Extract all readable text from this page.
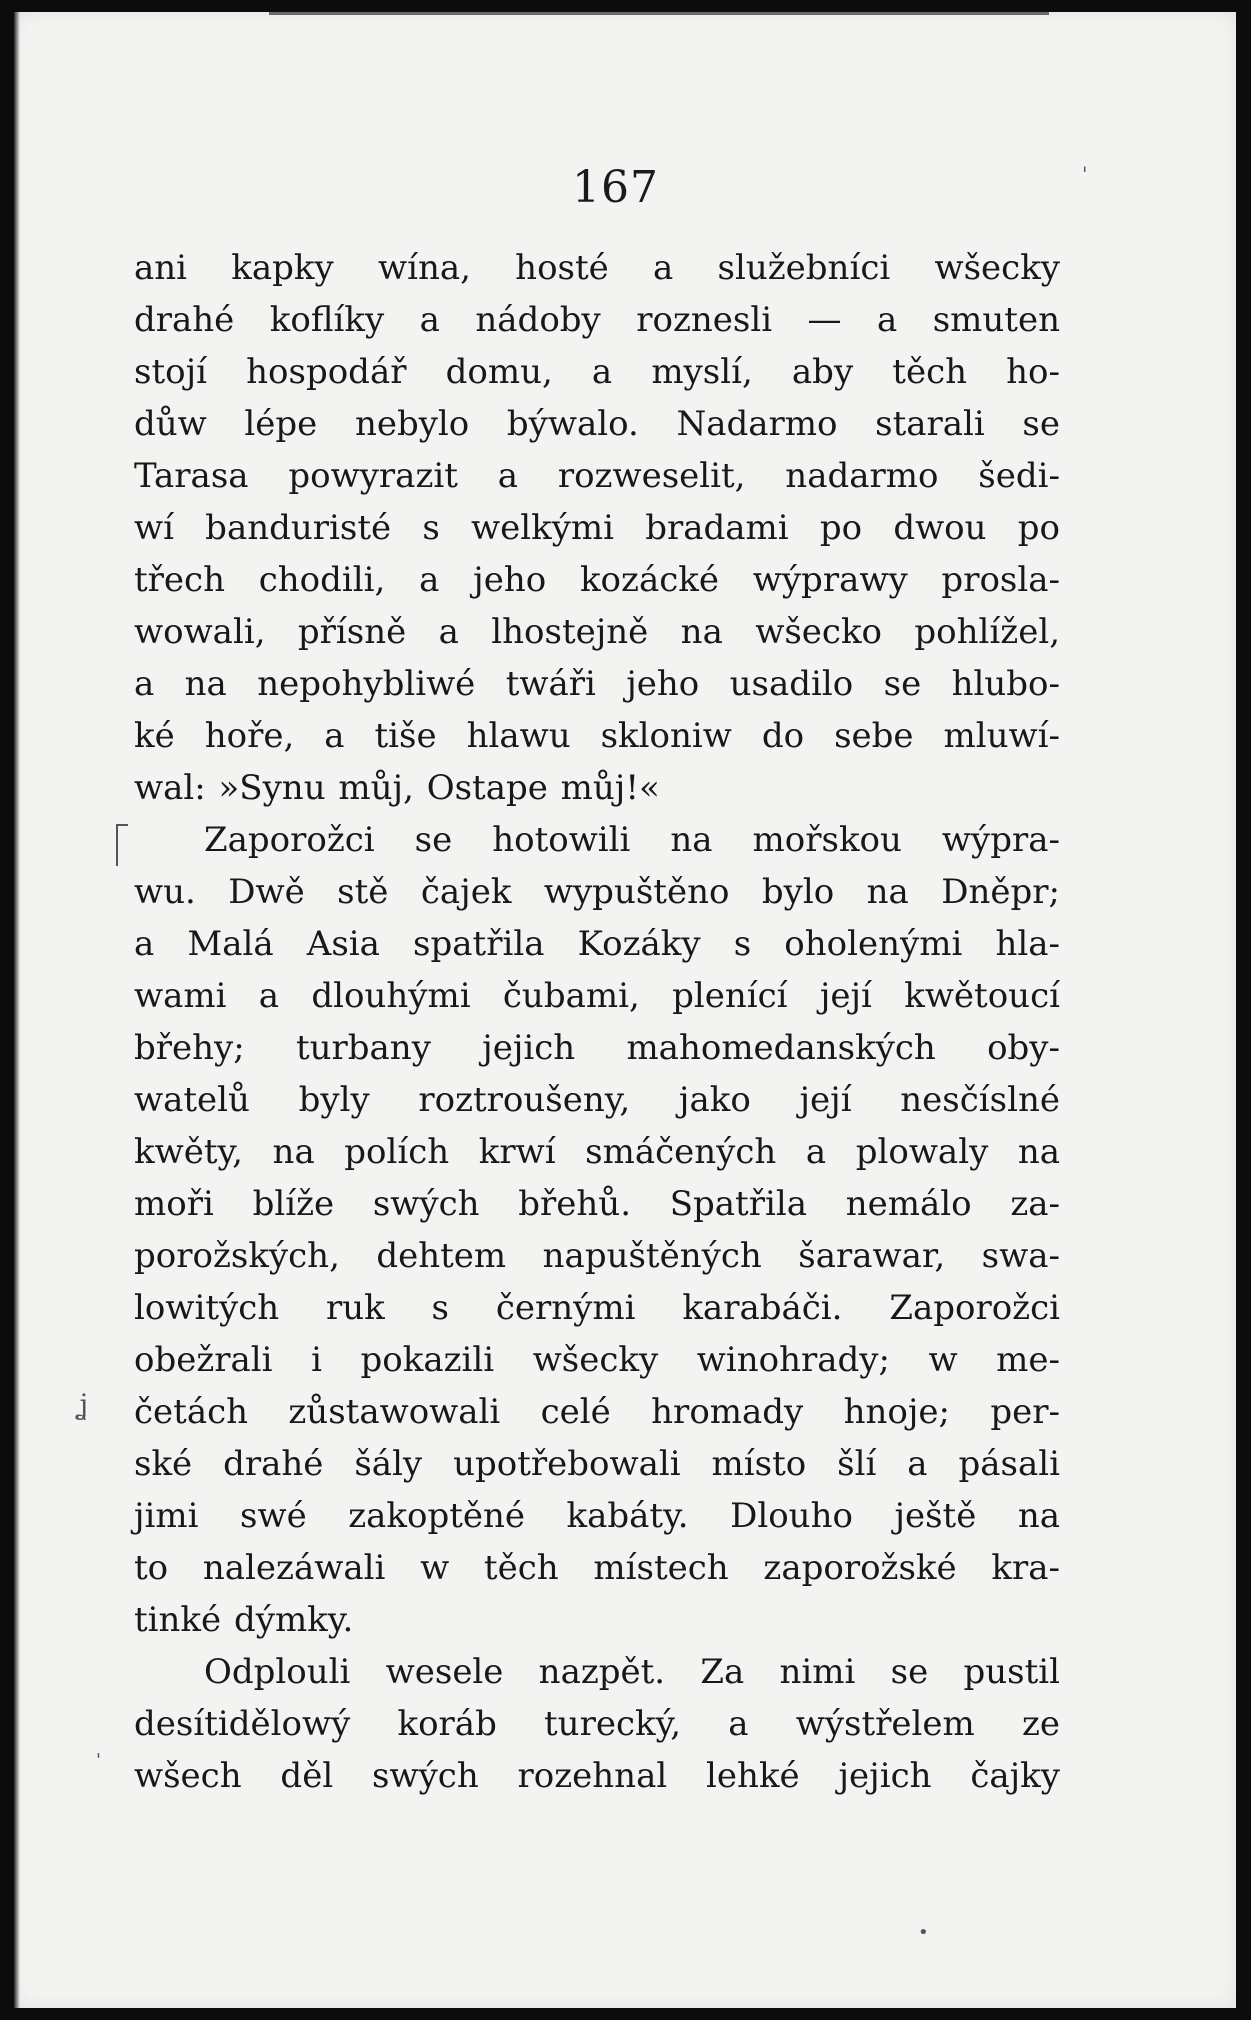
167
ʝ
'
'
•
ani kapky wína, hosté a služebníci wšecky
drahé koflíky a nádoby roznesli — a smuten
stojí hospodář domu, a myslí, aby těch ho-
důw lépe nebylo býwalo. Nadarmo starali se
Tarasa powyrazit a rozweselit, nadarmo šedi-
wí banduristé s welkými bradami po dwou po
třech chodili, a jeho kozácké wýprawy prosla-
wowali, přísně a lhostejně na wšecko pohlížel,
a na nepohybliwé twáři jeho usadilo se hlubo-
ké hoře, a tiše hlawu skloniw do sebe mluwí-
wal: »Synu můj, Ostape můj!«
Zaporožci se hotowili na mořskou wýpra-
wu. Dwě stě čajek wypuštěno bylo na Dněpr;
a Malá Asia spatřila Kozáky s oholenými hla-
wami a dlouhými čubami, plenící její kwětoucí
břehy; turbany jejich mahomedanských oby-
watelů byly roztroušeny, jako její nesčíslné
kwěty, na polích krwí smáčených a plowaly na
moři blíže swých břehů. Spatřila nemálo za-
porožských, dehtem napuštěných šarawar, swa-
lowitých ruk s černými karabáči. Zaporožci
obežrali i pokazili wšecky winohrady; w me-
četách zůstawowali celé hromady hnoje; per-
ské drahé šály upotřebowali místo šlí a pásali
jimi swé zakoptěné kabáty. Dlouho ještě na
to nalezáwali w těch místech zaporožské kra-
tinké dýmky.
Odplouli wesele nazpět. Za nimi se pustil
desítidělowý koráb turecký, a wýstřelem ze
wšech děl swých rozehnal lehké jejich čajky
